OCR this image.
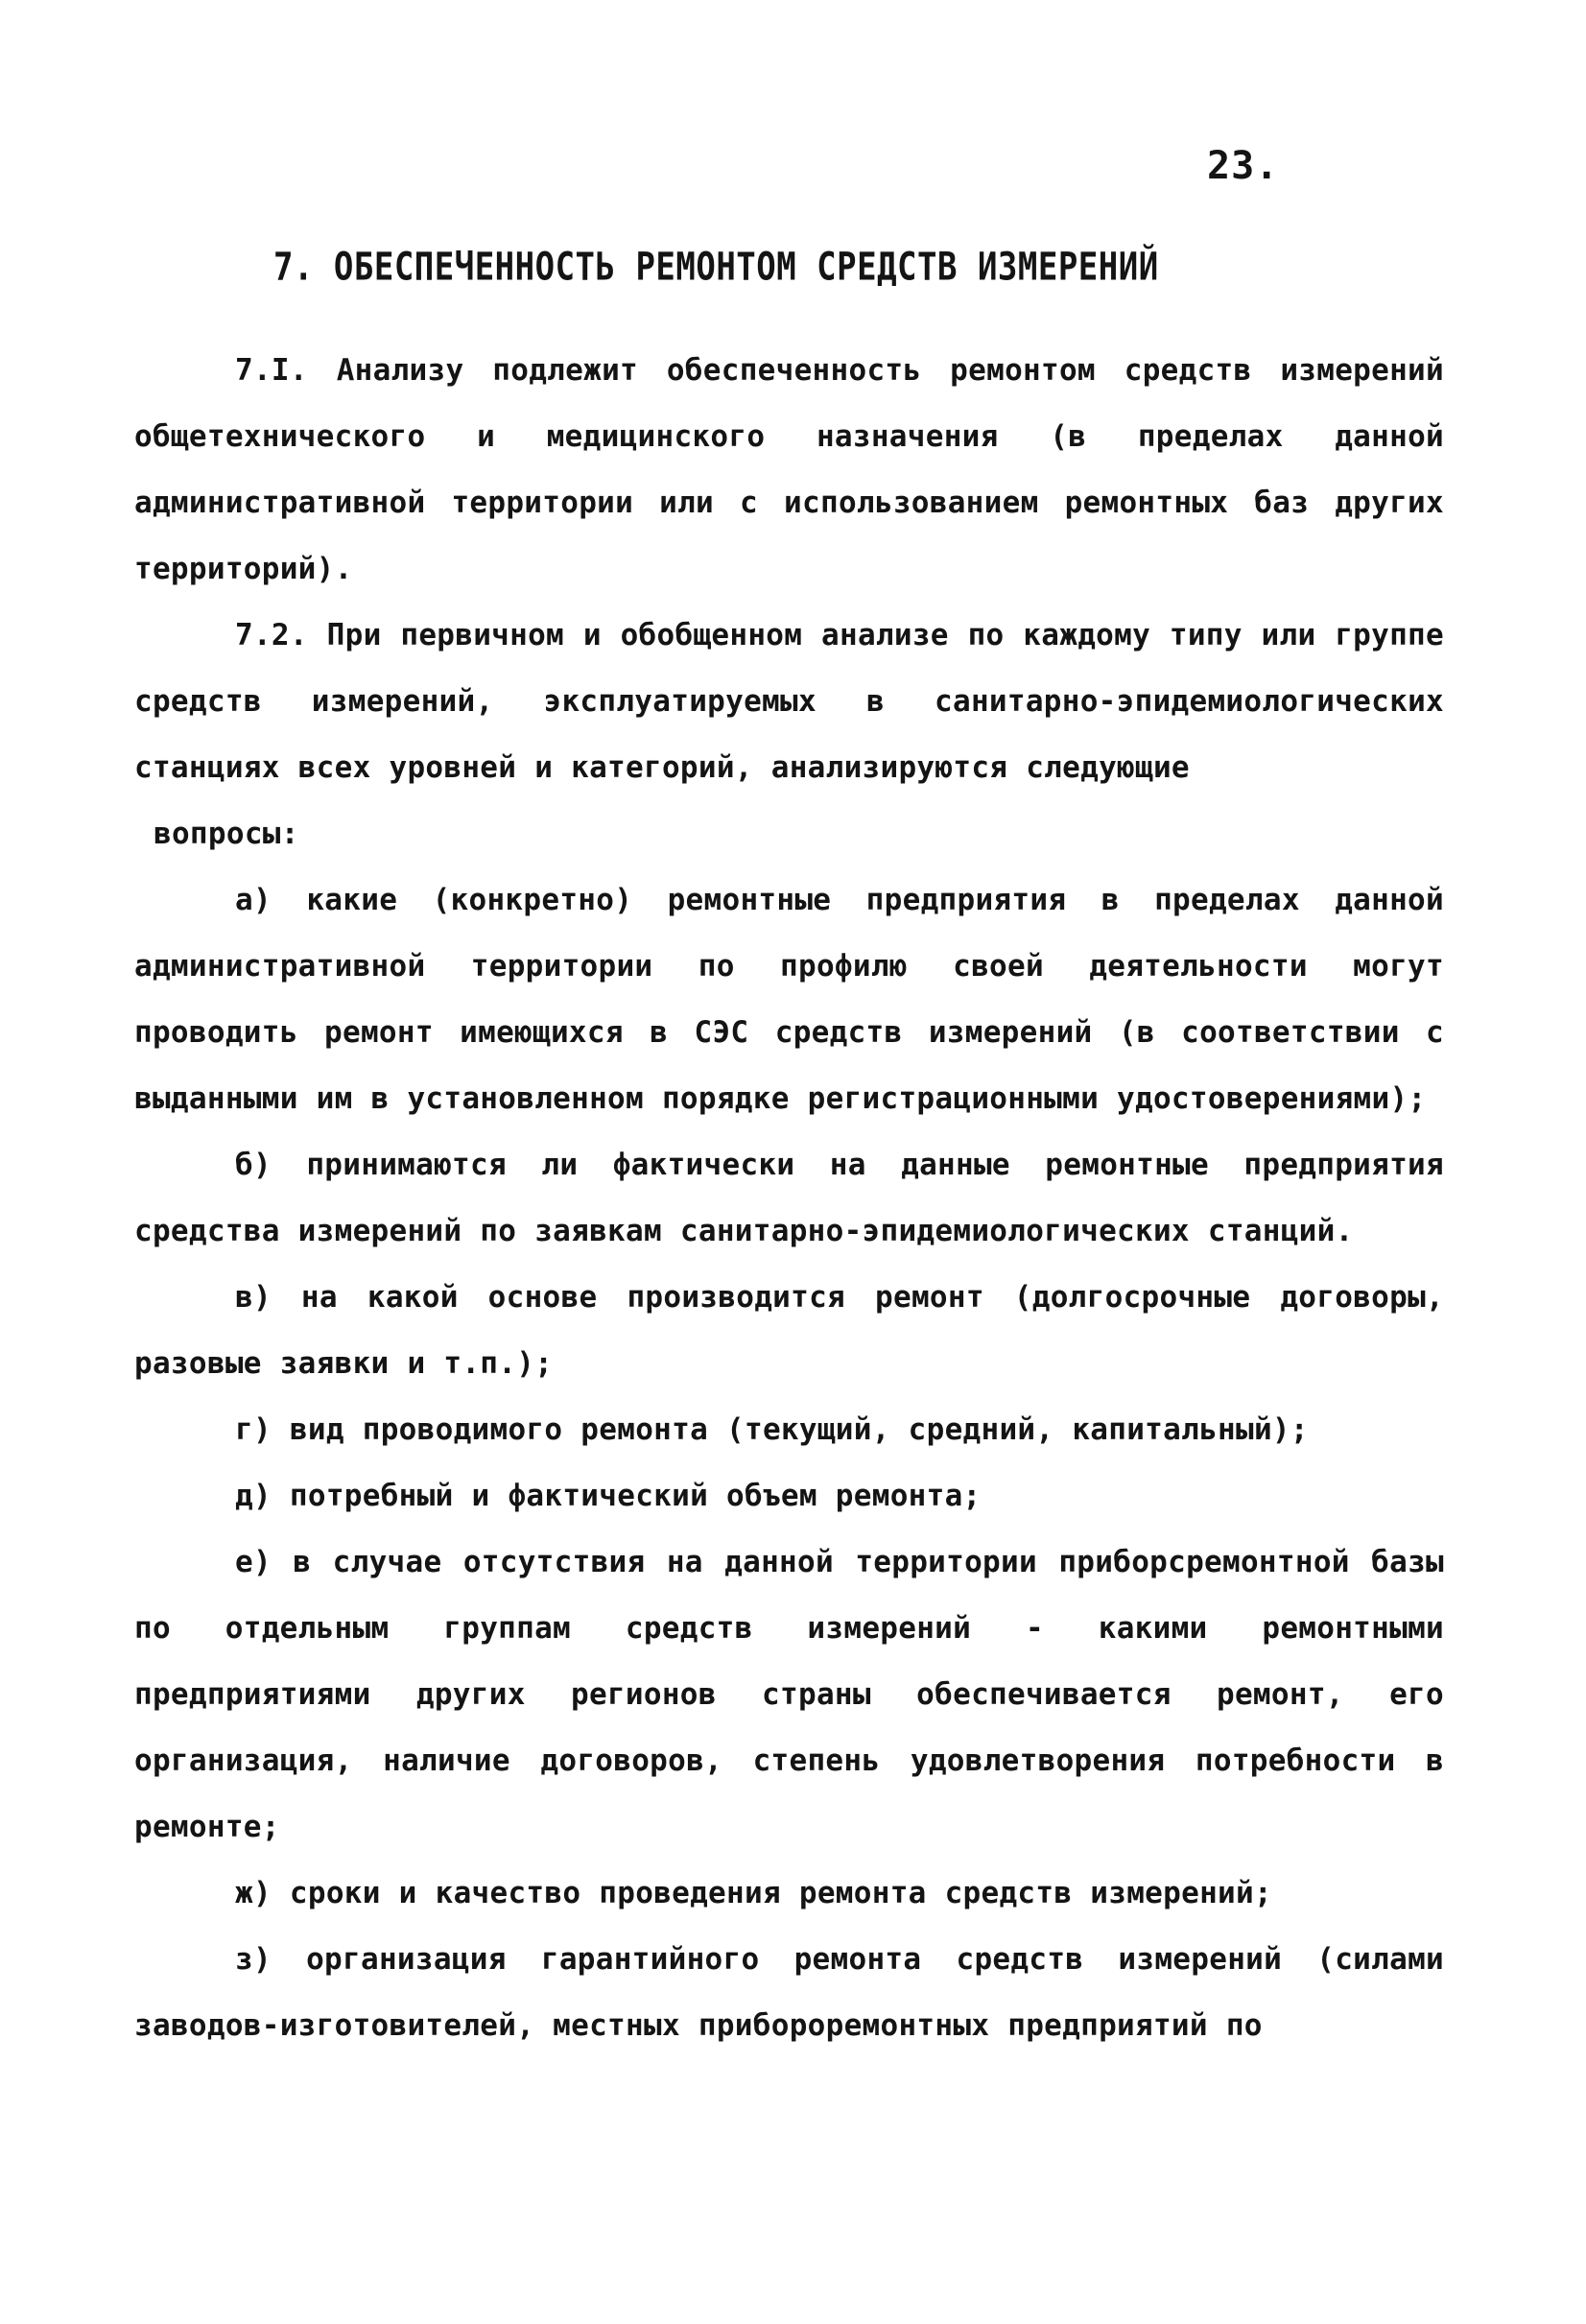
23.
7. ОБЕСПЕЧЕННОСТЬ РЕМОНТОМ СРЕДСТВ ИЗМЕРЕНИЙ

7.I. Анализу подлежит обеспеченность ремонтом средств измерений общетехнического и медицинского назначения (в пределах данной административной территории или с использованием ремонтных баз других территорий).

7.2. При первичном и обобщенном анализе по каждому типу или группе средств измерений, эксплуатируемых в санитарно-эпидемиологических станциях всех уровней и категорий, анализируются следующие

вопросы:

а) какие (конкретно) ремонтные предприятия в пределах данной административной территории по профилю своей деятельности могут проводить ремонт имеющихся в СЭС средств измерений (в соответствии с выданными им в установленном порядке регистрационными удостоверениями);

б) принимаются ли фактически на данные ремонтные предприятия средства измерений по заявкам санитарно-эпидемиологических станций.

в) на какой основе производится ремонт (долгосрочные договоры, разовые заявки и т.п.);

г) вид проводимого ремонта (текущий, средний, капитальный);

д) потребный и фактический объем ремонта;

е) в случае отсутствия на данной территории приборсремонтной базы по отдельным группам средств измерений - какими ремонтными предприятиями других регионов страны обеспечивается ремонт, его организация, наличие договоров, степень удовлетворения потребности в ремонте;

ж) сроки и качество проведения ремонта средств измерений;

з) организация гарантийного ремонта средств измерений (силами заводов-изготовителей, местных приборoремонтных предприятий по
